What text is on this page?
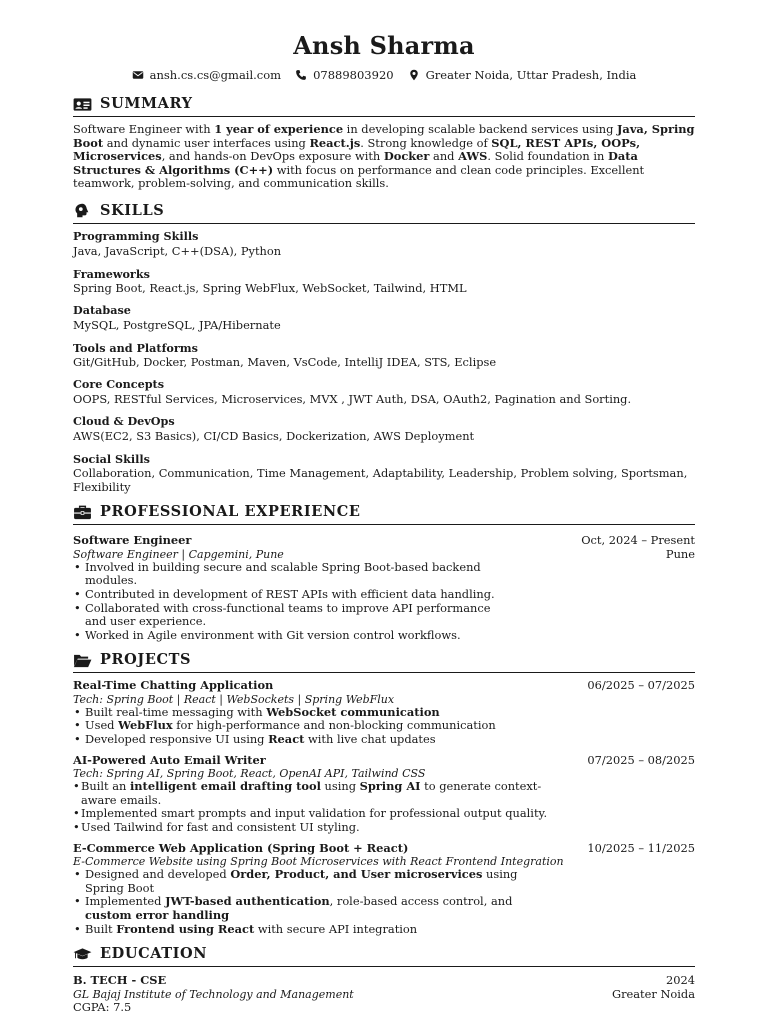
Ansh Sharma
ansh.cs.cs@gmail.com	07889803920	Greater Noida, Uttar Pradesh, India
SUMMARY
Software Engineer with 1 year of experience in developing scalable backend services using Java, Spring Boot and dynamic user interfaces using React.js. Strong knowledge of SQL, REST APIs, OOPs, Microservices, and hands-on DevOps exposure with Docker and AWS. Solid foundation in Data Structures & Algorithms (C++) with focus on performance and clean code principles. Excellent teamwork, problem-solving, and communication skills.
SKILLS
Programming Skills
Java, JavaScript, C++(DSA), Python
Frameworks
Spring Boot, React.js, Spring WebFlux, WebSocket, Tailwind, HTML
Database
MySQL, PostgreSQL, JPA/Hibernate
Tools and Platforms
Git/GitHub, Docker, Postman, Maven, VsCode, IntelliJ IDEA, STS, Eclipse
Core Concepts
OOPS, RESTful Services, Microservices, MVX , JWT Auth, DSA, OAuth2, Pagination and Sorting.
Cloud & DevOps
AWS(EC2, S3 Basics), CI/CD Basics, Dockerization, AWS Deployment
Social Skills
Collaboration, Communication, Time Management, Adaptability, Leadership, Problem solving, Sportsman, Flexibility
PROFESSIONAL EXPERIENCE
Software Engineer	Oct, 2024 – Present
Software Engineer | Capgemini, Pune	Pune
• Involved in building secure and scalable Spring Boot-based backend modules.
• Contributed in development of REST APIs with efficient data handling.
• Collaborated with cross-functional teams to improve API performance and user experience.
• Worked in Agile environment with Git version control workflows.
PROJECTS
Real-Time Chatting Application	06/2025 – 07/2025
Tech: Spring Boot | React | WebSockets | Spring WebFlux
• Built real-time messaging with WebSocket communication
• Used WebFlux for high-performance and non-blocking communication
• Developed responsive UI using React with live chat updates
AI-Powered Auto Email Writer	07/2025 – 08/2025
Tech: Spring AI, Spring Boot, React, OpenAI API, Tailwind CSS
• Built an intelligent email drafting tool using Spring AI to generate context-aware emails.
• Implemented smart prompts and input validation for professional output quality.
• Used Tailwind for fast and consistent UI styling.
E-Commerce Web Application (Spring Boot + React)	10/2025 – 11/2025
E-Commerce Website using Spring Boot Microservices with React Frontend Integration
• Designed and developed Order, Product, and User microservices using Spring Boot
• Implemented JWT-based authentication, role-based access control, and custom error handling
• Built Frontend using React with secure API integration
EDUCATION
B. TECH - CSE	2024
GL Bajaj Institute of Technology and Management	Greater Noida
CGPA: 7.5
